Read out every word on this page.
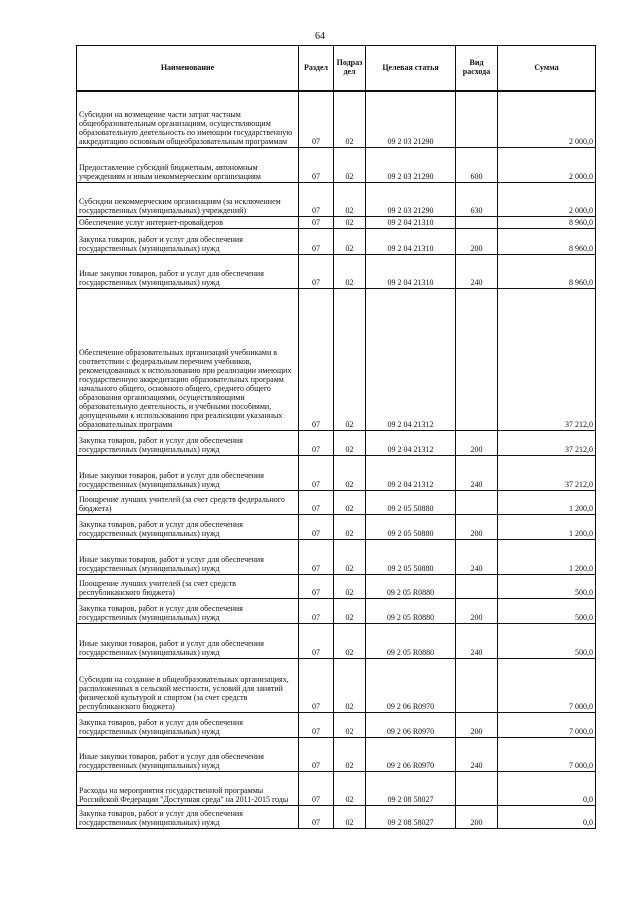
64
Наименование	Раздел	Подраз дел	Целевая статья	Вид расхода	Сумма
Субсидии на возмещение части затрат частным общеобразовательным организациям, осуществляющим образовательную деятельность по имеющим государственную аккредитацию основным общеобразовательным программам	07	02	09 2 03 21290		2 000,0
Предоставление субсидий бюджетным, автономным учреждениям и иным некоммерческим организациям	07	02	09 2 03 21290	600	2 000,0
Субсидии некоммерческим организациям (за исключением государственных (муниципальных) учреждений)	07	02	09 2 03 21290	630	2 000,0
Обеспечение услуг интернет-провайдеров	07	02	09 2 04 21310		8 960,0
Закупка товаров, работ и услуг для обеспечения государственных (муниципальных) нужд	07	02	09 2 04 21310	200	8 960,0
Иные закупки товаров, работ и услуг для обеспечения государственных (муниципальных) нужд	07	02	09 2 04 21310	240	8 960,0
Обеспечение образовательных организаций учебниками в соответствии с федеральным перечнем учебников, рекомендованных к использованию при реализации имеющих государственную аккредитацию образовательных программ начального общего, основного общего, среднего общего образования организациями, осуществляющими образовательную деятельность, и учебными пособиями, допущенными к использованию при реализации указанных образовательных программ	07	02	09 2 04 21312		37 212,0
Закупка товаров, работ и услуг для обеспечения государственных (муниципальных) нужд	07	02	09 2 04 21312	200	37 212,0
Иные закупки товаров, работ и услуг для обеспечения государственных (муниципальных) нужд	07	02	09 2 04 21312	240	37 212,0
Поощрение лучших учителей (за счет средств федерального бюджета)	07	02	09 2 05 50880		1 200,0
Закупка товаров, работ и услуг для обеспечения государственных (муниципальных) нужд	07	02	09 2 05 50880	200	1 200,0
Иные закупки товаров, работ и услуг для обеспечения государственных (муниципальных) нужд	07	02	09 2 05 50880	240	1 200,0
Поощрение лучших учителей (за счет средств республиканского бюджета)	07	02	09 2 05 R0880		500,0
Закупка товаров, работ и услуг для обеспечения государственных (муниципальных) нужд	07	02	09 2 05 R0880	200	500,0
Иные закупки товаров, работ и услуг для обеспечения государственных (муниципальных) нужд	07	02	09 2 05 R0880	240	500,0
Субсидии на создание в общеобразовательных организациях, расположенных в сельской местности, условий для занятий физической культурой и спортом (за счет средств республиканского бюджета)	07	02	09 2 06 R0970		7 000,0
Закупка товаров, работ и услуг для обеспечения государственных (муниципальных) нужд	07	02	09 2 06 R0970	200	7 000,0
Иные закупки товаров, работ и услуг для обеспечения государственных (муниципальных) нужд	07	02	09 2 06 R0970	240	7 000,0
Расходы на мероприятия государственной программы Российской Федерации "Доступная среда" на 2011-2015 годы	07	02	09 2 08 58027		0,0
Закупка товаров, работ и услуг для обеспечения государственных (муниципальных) нужд	07	02	09 2 08 58027	200	0,0
